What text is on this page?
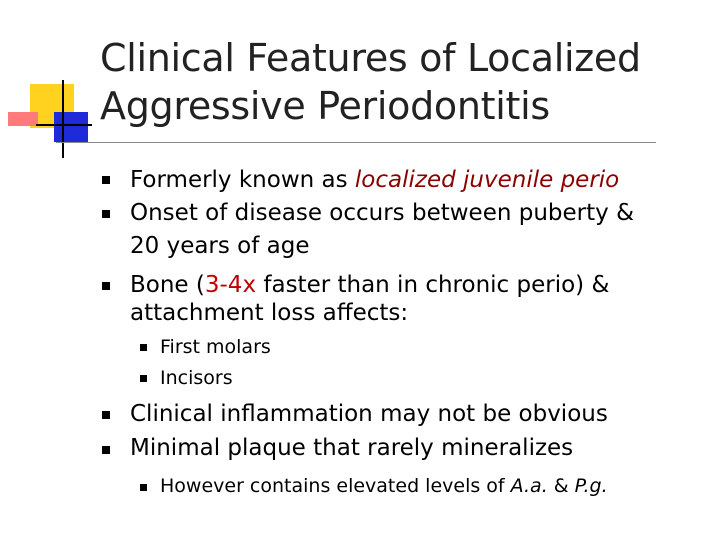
Clinical Features of Localized
Aggressive Periodontitis
Formerly known as localized juvenile perio
Onset of disease occurs between puberty &
20 years of age
Bone (3-4x faster than in chronic perio) &
attachment loss affects:
First molars
Incisors
Clinical inflammation may not be obvious
Minimal plaque that rarely mineralizes
However contains elevated levels of A.a. & P.g.
